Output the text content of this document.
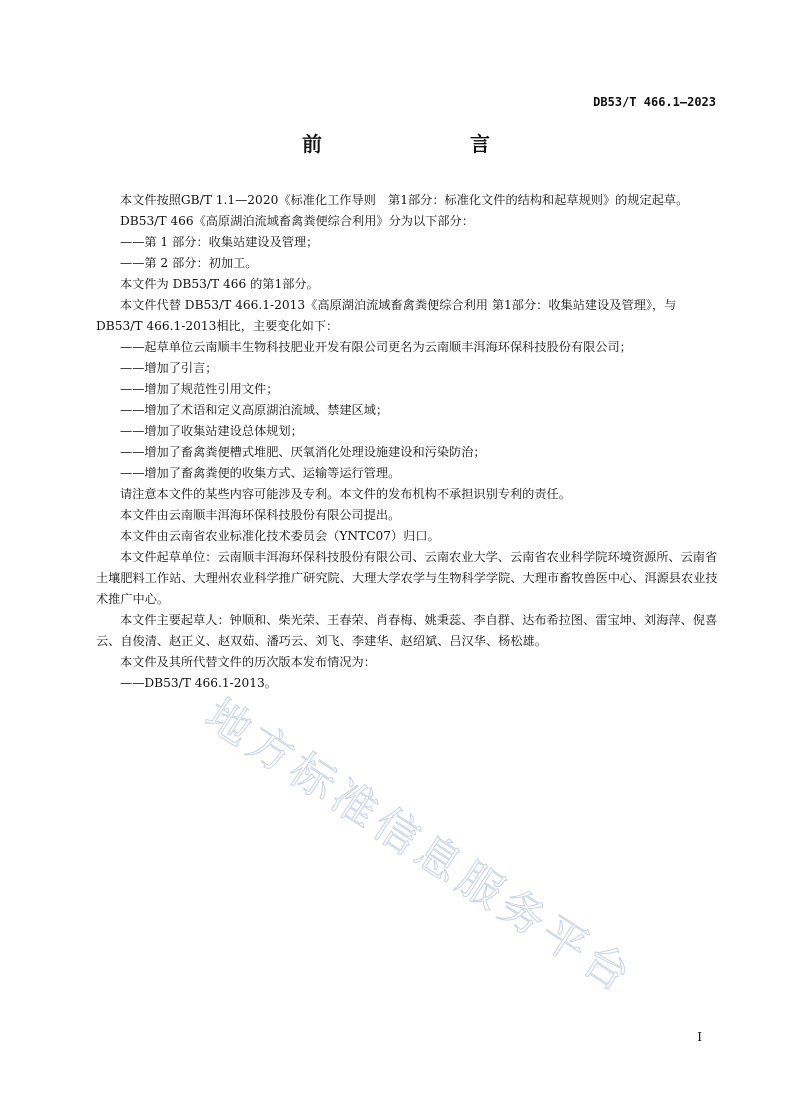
DB53/T 466.1—2023
前　　言

本文件按照GB/T 1.1—2020《标准化工作导则　第1部分：标准化文件的结构和起草规则》的规定起草。

DB53/T 466《高原湖泊流域畜禽粪便综合利用》分为以下部分：

——第 1 部分：收集站建设及管理；

——第 2 部分：初加工。

本文件为 DB53/T 466 的第1部分。

本文件代替 DB53/T 466.1-2013《高原湖泊流域畜禽粪便综合利用 第1部分：收集站建设及管理》，与 DB53/T 466.1-2013相比，主要变化如下：

——起草单位云南顺丰生物科技肥业开发有限公司更名为云南顺丰洱海环保科技股份有限公司；

——增加了引言；

——增加了规范性引用文件；

——增加了术语和定义高原湖泊流域、禁建区域；

——增加了收集站建设总体规划；

——增加了畜禽粪便槽式堆肥、厌氧消化处理设施建设和污染防治；

——增加了畜禽粪便的收集方式、运输等运行管理。

请注意本文件的某些内容可能涉及专利。本文件的发布机构不承担识别专利的责任。

本文件由云南顺丰洱海环保科技股份有限公司提出。

本文件由云南省农业标准化技术委员会（YNTC07）归口。

本文件起草单位：云南顺丰洱海环保科技股份有限公司、云南农业大学、云南省农业科学院环境资源所、云南省土壤肥料工作站、大理州农业科学推广研究院、大理大学农学与生物科学学院、大理市畜牧兽医中心、洱源县农业技术推广中心。

本文件主要起草人：钟顺和、柴光荣、王春荣、肖春梅、姚秉蕊、李自群、达布希拉图、雷宝坤、刘海萍、倪喜云、自俊清、赵正义、赵双茹、潘巧云、刘飞、李建华、赵绍斌、吕汉华、杨松雄。

本文件及其所代替文件的历次版本发布情况为：

——DB53/T 466.1-2013。

地方标准信息服务平台
I
